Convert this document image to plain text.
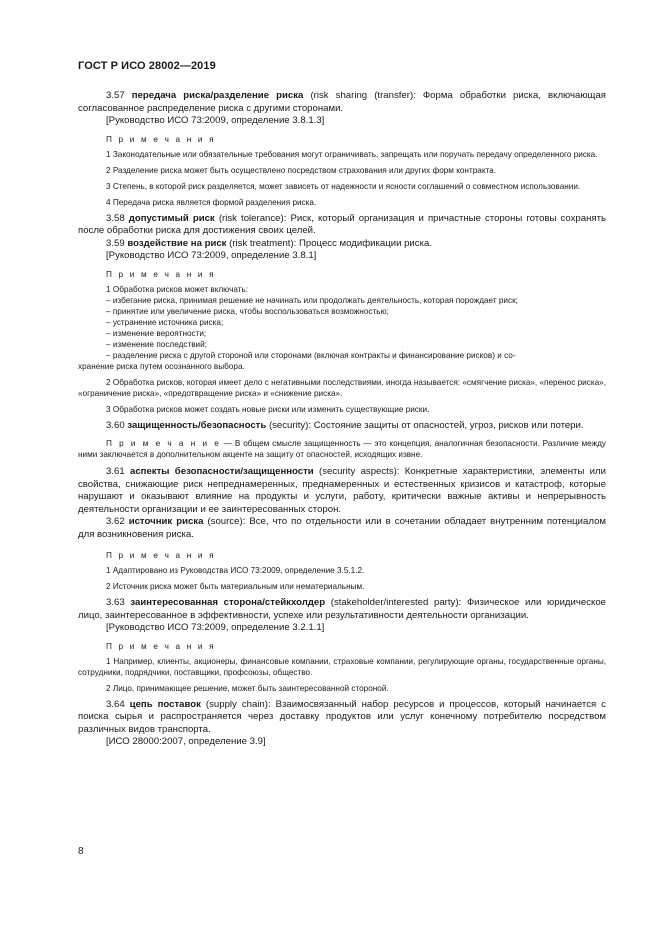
ГОСТ Р ИСО 28002—2019

3.57 передача риска/разделение риска (risk sharing (transfer): Форма обработки риска, включающая согласованное распределение риска с другими сторонами.

[Руководство ИСО 73:2009, определение 3.8.1.3]

П р и м е ч а н и я

1 Законодательные или обязательные требования могут ограничивать, запрещать или поручать передачу определенного риска.

2 Разделение риска может быть осуществлено посредством страхования или других форм контракта.

3 Степень, в которой риск разделяется, может зависеть от надежности и ясности соглашений о совместном использовании.

4 Передача риска является формой разделения риска.

3.58 допустимый риск (risk tolerance): Риск, который организация и причастные стороны готовы сохранять после обработки риска для достижения своих целей.

3.59 воздействие на риск (risk treatment): Процесс модификации риска.

[Руководство ИСО 73:2009, определение 3.8.1]

П р и м е ч а н и я

1 Обработка рисков может включать:

– избегание риска, принимая решение не начинать или продолжать деятельность, которая порождает риск;

– принятие или увеличение риска, чтобы воспользоваться возможностью;

– устранение источника риска;

– изменение вероятности;

– изменение последствий;

– разделение риска с другой стороной или сторонами (включая контракты и финансирование рисков) и со-

хранение риска путем осознанного выбора.

2 Обработка рисков, которая имеет дело с негативными последствиями, иногда называется: «смягчение риска», «перенос риска», «ограничение риска», «предотвращение риска» и «снижение риска».

3 Обработка рисков может создать новые риски или изменить существующие риски.

3.60 защищенность/безопасность (security): Состояние защиты от опасностей, угроз, рисков или потери.

П р и м е ч а н и е — В общем смысле защищенность — это концепция, аналогичная безопасности. Различие между ними заключается в дополнительном акценте на защиту от опасностей, исходящих извне.

3.61 аспекты безопасности/защищенности (security aspects): Конкретные характеристики, элементы или свойства, снижающие риск непреднамеренных, преднамеренных и естественных кризисов и катастроф, которые нарушают и оказывают влияние на продукты и услуги, работу, критически важные активы и непрерывность деятельности организации и ее заинтересованных сторон.

3.62 источник риска (source): Все, что по отдельности или в сочетании обладает внутренним потенциалом для возникновения риска.

П р и м е ч а н и я

1 Адаптировано из Руководства ИСО 73:2009, определение 3.5.1.2.

2 Источник риска может быть материальным или нематериальным.

3.63 заинтересованная сторона/стейкхолдер (stakeholder/interested party): Физическое или юридическое лицо, заинтересованное в эффективности, успехе или результативности деятельности организации.

[Руководство ИСО 73:2009, определение 3.2.1.1]

П р и м е ч а н и я

1 Например, клиенты, акционеры, финансовые компании, страховые компании, регулирующие органы, государственные органы, сотрудники, подрядчики, поставщики, профсоюзы, общество.

2 Лицо, принимающее решение, может быть заинтересованной стороной.

3.64 цепь поставок (supply chain): Взаимосвязанный набор ресурсов и процессов, который начинается с поиска сырья и распространяется через доставку продуктов или услуг конечному потребителю посредством различных видов транспорта.

[ИСО 28000:2007, определение 3.9]

8
